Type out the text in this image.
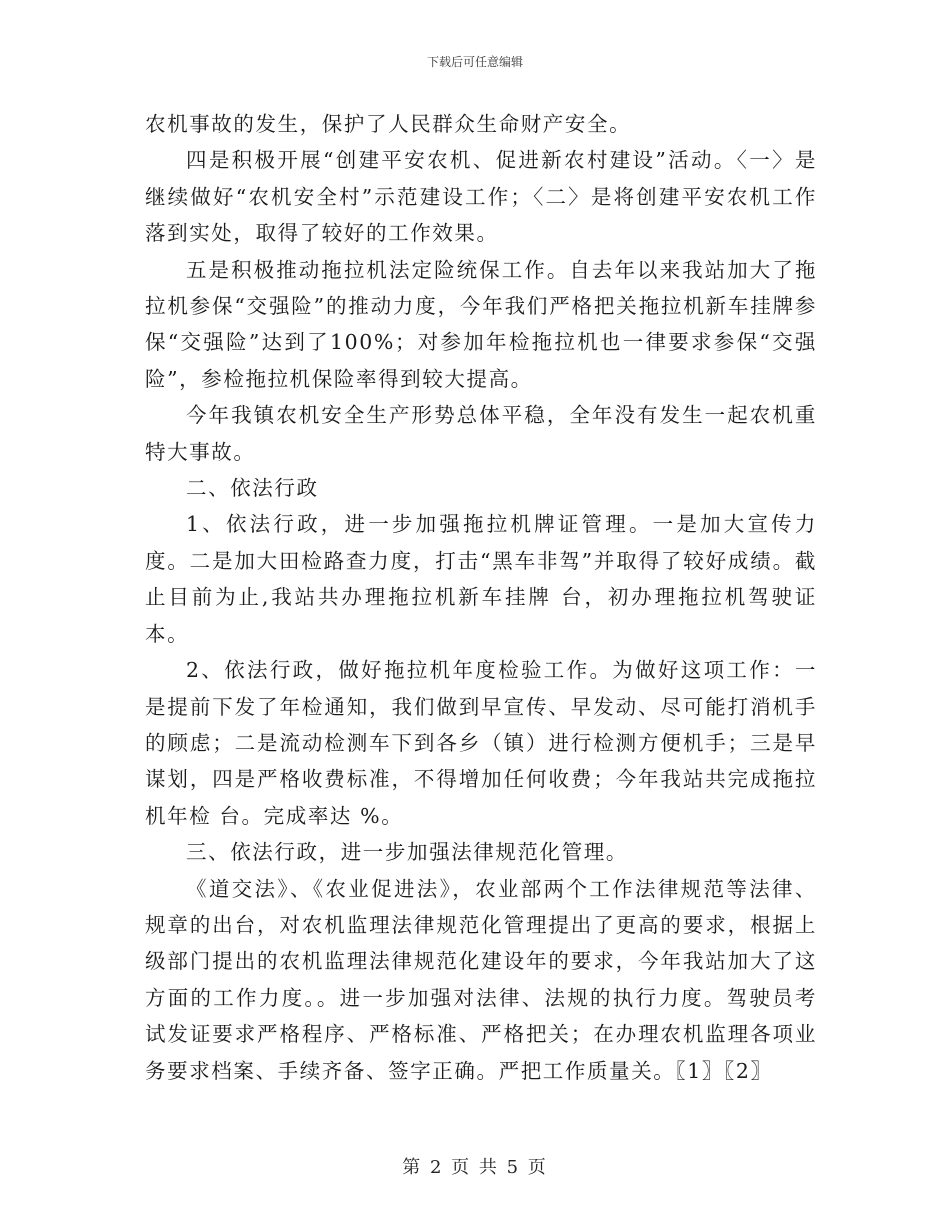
下载后可任意编辑

农机事故的发生，保护了人民群众生命财产安全。

四是积极开展“创建平安农机、促进新农村建设”活动。〈一〉是继续做好“农机安全村”示范建设工作；〈二〉是将创建平安农机工作落到实处，取得了较好的工作效果。

五是积极推动拖拉机法定险统保工作。自去年以来我站加大了拖拉机参保“交强险”的推动力度，今年我们严格把关拖拉机新车挂牌参保“交强险”达到了100%；对参加年检拖拉机也一律要求参保“交强险”，参检拖拉机保险率得到较大提高。

今年我镇农机安全生产形势总体平稳，全年没有发生一起农机重特大事故。

二、依法行政

1、依法行政，进一步加强拖拉机牌证管理。一是加大宣传力度。二是加大田检路查力度，打击“黑车非驾”并取得了较好成绩。截止目前为止,我站共办理拖拉机新车挂牌 台，初办理拖拉机驾驶证 本。

2、依法行政，做好拖拉机年度检验工作。为做好这项工作：一是提前下发了年检通知，我们做到早宣传、早发动、尽可能打消机手的顾虑；二是流动检测车下到各乡（镇）进行检测方便机手；三是早谋划，四是严格收费标准，不得增加任何收费；今年我站共完成拖拉机年检 台。完成率达 %。

三、依法行政，进一步加强法律规范化管理。

《道交法》、《农业促进法》，农业部两个工作法律规范等法律、规章的出台，对农机监理法律规范化管理提出了更高的要求，根据上级部门提出的农机监理法律规范化建设年的要求，今年我站加大了这方面的工作力度。。进一步加强对法律、法规的执行力度。驾驶员考试发证要求严格程序、严格标准、严格把关；在办理农机监理各项业务要求档案、手续齐备、签字正确。严把工作质量关。〖1〗〖2〗

第 2 页 共 5 页
